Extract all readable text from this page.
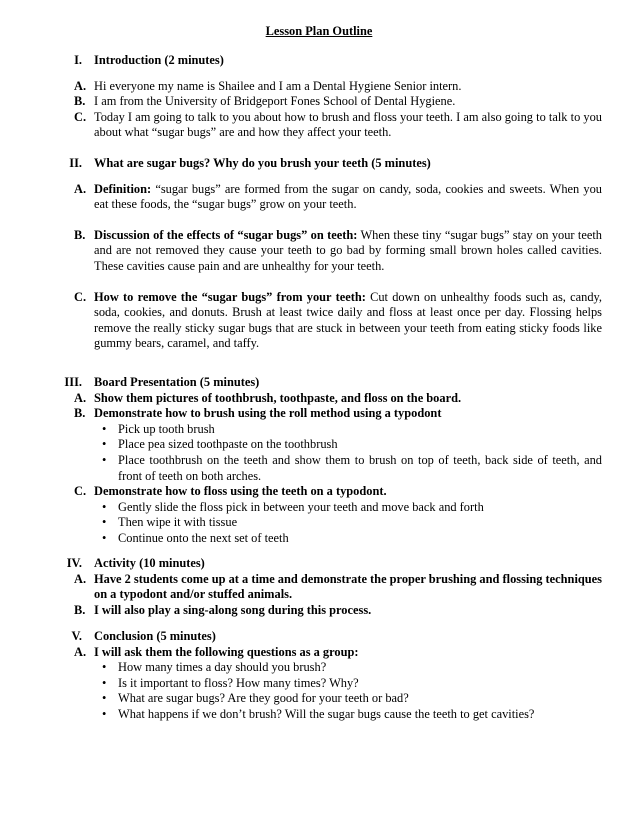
Lesson Plan Outline
I. Introduction (2 minutes)
A. Hi everyone my name is Shailee and I am a Dental Hygiene Senior intern.
B. I am from the University of Bridgeport Fones School of Dental Hygiene.
C. Today I am going to talk to you about how to brush and floss your teeth. I am also going to talk to you about what “sugar bugs” are and how they affect your teeth.
II. What are sugar bugs? Why do you brush your teeth (5 minutes)
A. Definition: “sugar bugs” are formed from the sugar on candy, soda, cookies and sweets. When you eat these foods, the “sugar bugs” grow on your teeth.
B. Discussion of the effects of “sugar bugs” on teeth: When these tiny “sugar bugs” stay on your teeth and are not removed they cause your teeth to go bad by forming small brown holes called cavities. These cavities cause pain and are unhealthy for your teeth.
C. How to remove the “sugar bugs” from your teeth: Cut down on unhealthy foods such as, candy, soda, cookies, and donuts. Brush at least twice daily and floss at least once per day. Flossing helps remove the really sticky sugar bugs that are stuck in between your teeth from eating sticky foods like gummy bears, caramel, and taffy.
III. Board Presentation (5 minutes)
A. Show them pictures of toothbrush, toothpaste, and floss on the board.
B. Demonstrate how to brush using the roll method using a typodont
• Pick up tooth brush
• Place pea sized toothpaste on the toothbrush
• Place toothbrush on the teeth and show them to brush on top of teeth, back side of teeth, and front of teeth on both arches.
C. Demonstrate how to floss using the teeth on a typodont.
• Gently slide the floss pick in between your teeth and move back and forth
• Then wipe it with tissue
• Continue onto the next set of teeth
IV. Activity (10 minutes)
A. Have 2 students come up at a time and demonstrate the proper brushing and flossing techniques on a typodont and/or stuffed animals.
B. I will also play a sing-along song during this process.
V. Conclusion (5 minutes)
A. I will ask them the following questions as a group:
• How many times a day should you brush?
• Is it important to floss? How many times? Why?
• What are sugar bugs? Are they good for your teeth or bad?
• What happens if we don’t brush? Will the sugar bugs cause the teeth to get cavities?
